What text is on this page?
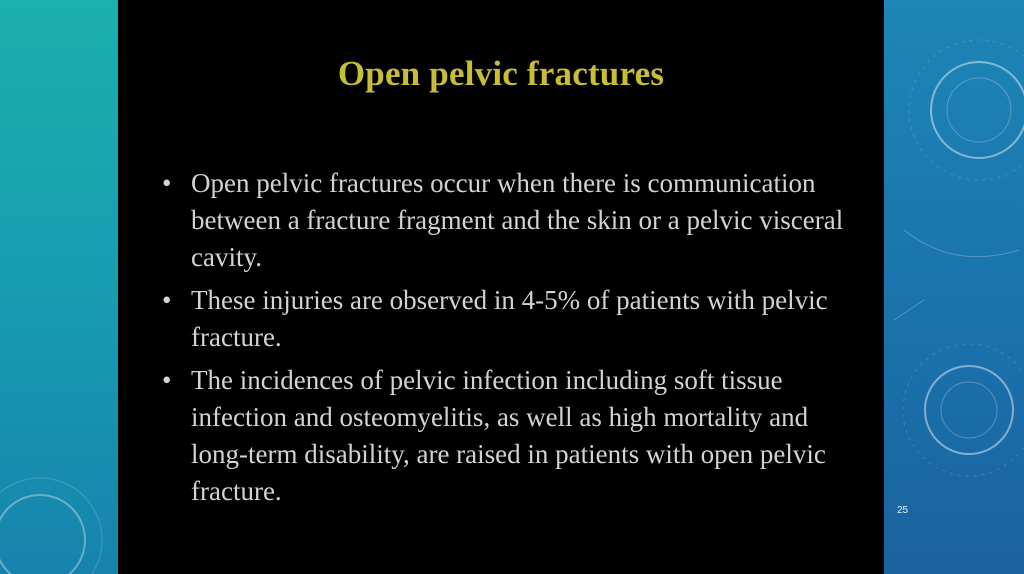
Open pelvic fractures
• Open pelvic fractures occur when there is communication between a fracture fragment and the skin or a pelvic visceral cavity.
• These injuries are observed in 4-5% of patients with pelvic fracture.
• The incidences of pelvic infection including soft tissue infection and osteomyelitis, as well as high mortality and long-term disability, are raised in patients with open pelvic fracture.
25
